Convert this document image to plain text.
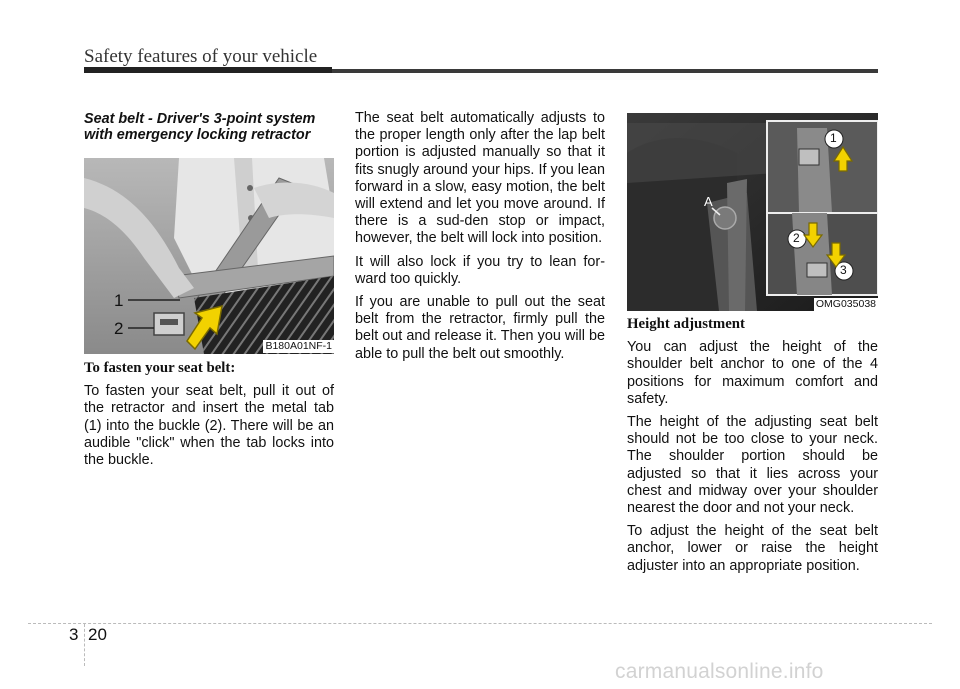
Safety features of your vehicle
Seat belt - Driver's 3-point system with emergency locking retractor
1
2
B180A01NF-1

To fasten your seat belt:

To fasten your seat belt, pull it out of the retractor and insert the metal tab (1) into the buckle (2). There will be an audible "click" when the tab locks into the buckle.

The seat belt automatically adjusts to the proper length only after the lap belt portion is adjusted manually so that it fits snugly around your hips. If you lean forward in a slow, easy motion, the belt will extend and let you move around. If there is a sud-den stop or impact, however, the belt will lock into position.

It will also lock if you try to lean for-ward too quickly.

If you are unable to pull out the seat belt from the retractor, firmly pull the belt out and release it. Then you will be able to pull the belt out smoothly.

A
1
2
3
OMG035038

Height adjustment

You can adjust the height of the shoulder belt anchor to one of the 4 positions for maximum comfort and safety.

The height of the adjusting seat belt should not be too close to your neck. The shoulder portion should be adjusted so that it lies across your chest and midway over your shoulder nearest the door and not your neck.

To adjust the height of the seat belt anchor, lower or raise the height adjuster into an appropriate position.

3 20
carmanualsonline.info
